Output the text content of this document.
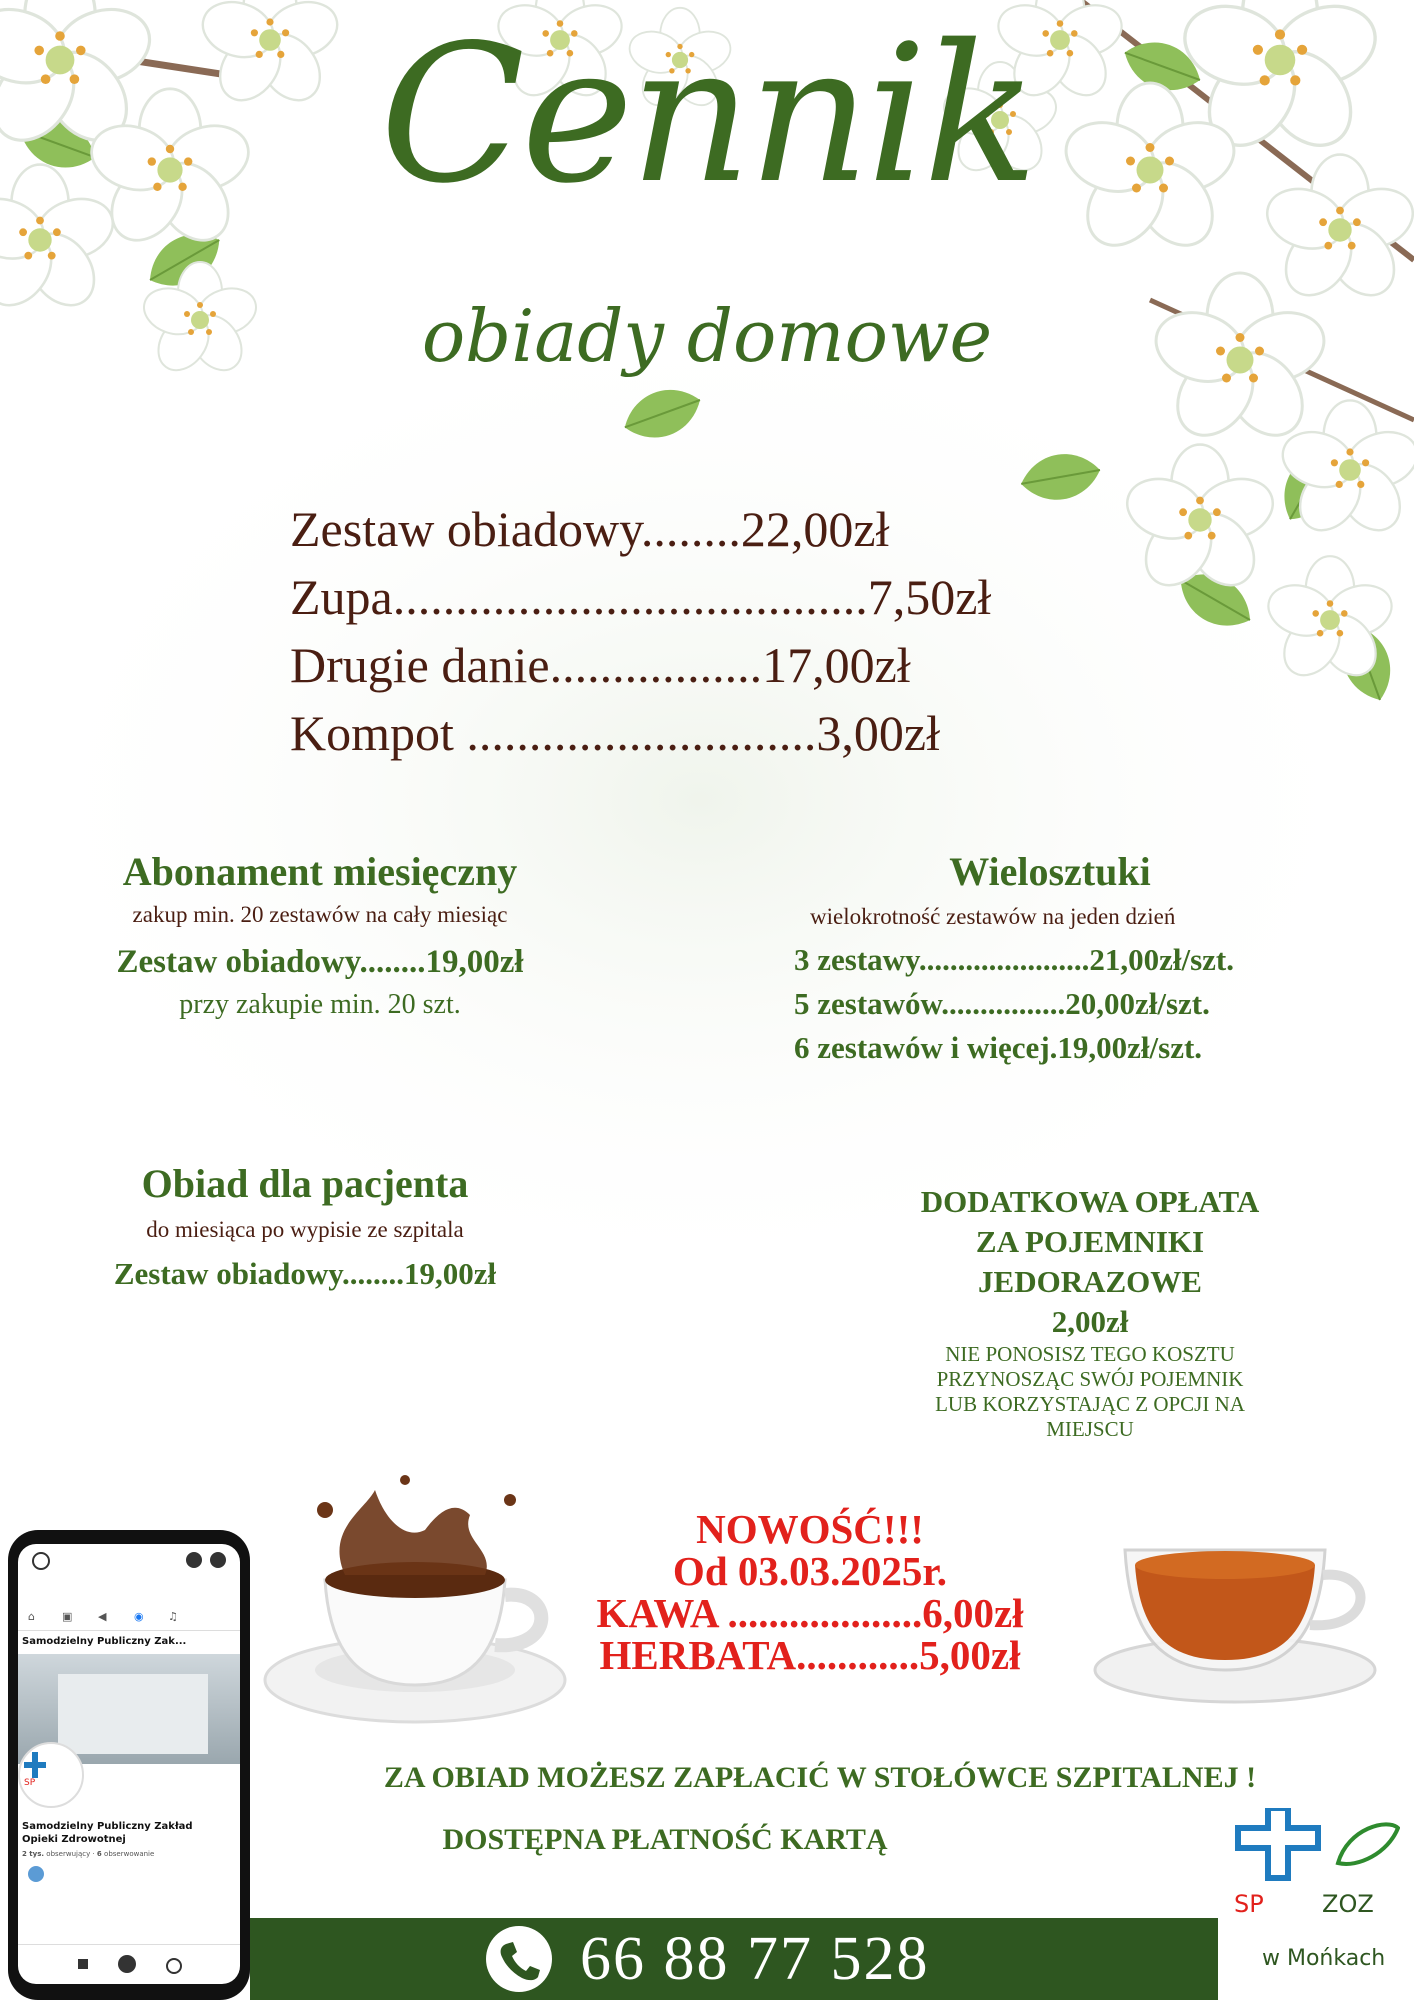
Cennik
obiady domowe
Zestaw obiadowy........22,00zł
Zupa......................................7,50zł
Drugie danie.................17,00zł
Kompot ............................3,00zł
Abonament miesięczny
zakup min. 20 zestawów na cały miesiąc
Zestaw obiadowy........19,00zł
przy zakupie min. 20 szt.
Wielosztuki
wielokrotność zestawów na jeden dzień
3 zestawy......................21,00zł/szt.
5 zestawów................20,00zł/szt.
6 zestawów i więcej.19,00zł/szt.
Obiad dla pacjenta
do miesiąca po wypisie ze szpitala
Zestaw obiadowy........19,00zł
DODATKOWA OPŁATA
ZA POJEMNIKI
JEDORAZOWE
2,00zł
NIE PONOSISZ TEGO KOSZTU
PRZYNOSZĄC SWÓJ POJEMNIK
LUB KORZYSTAJĄC Z OPCJI NA
MIEJSCU
NOWOŚĆ!!!
Od 03.03.2025r.
KAWA ...................6,00zł
HERBATA............5,00zł
ZA OBIAD MOŻESZ ZAPŁACIĆ W STOŁÓWCE SZPITALNEJ !
DOSTĘPNA PŁATNOŚĆ KARTĄ
66 88 77 528
⌂ ▣ ◀	◉ ♫
Samodzielny Publiczny Zak...
SP
Samodzielny Publiczny Zakład
Opieki Zdrowotnej
2 tys. obserwujący · 6 obserwowanie
SP	ZOZ
w Mońkach
